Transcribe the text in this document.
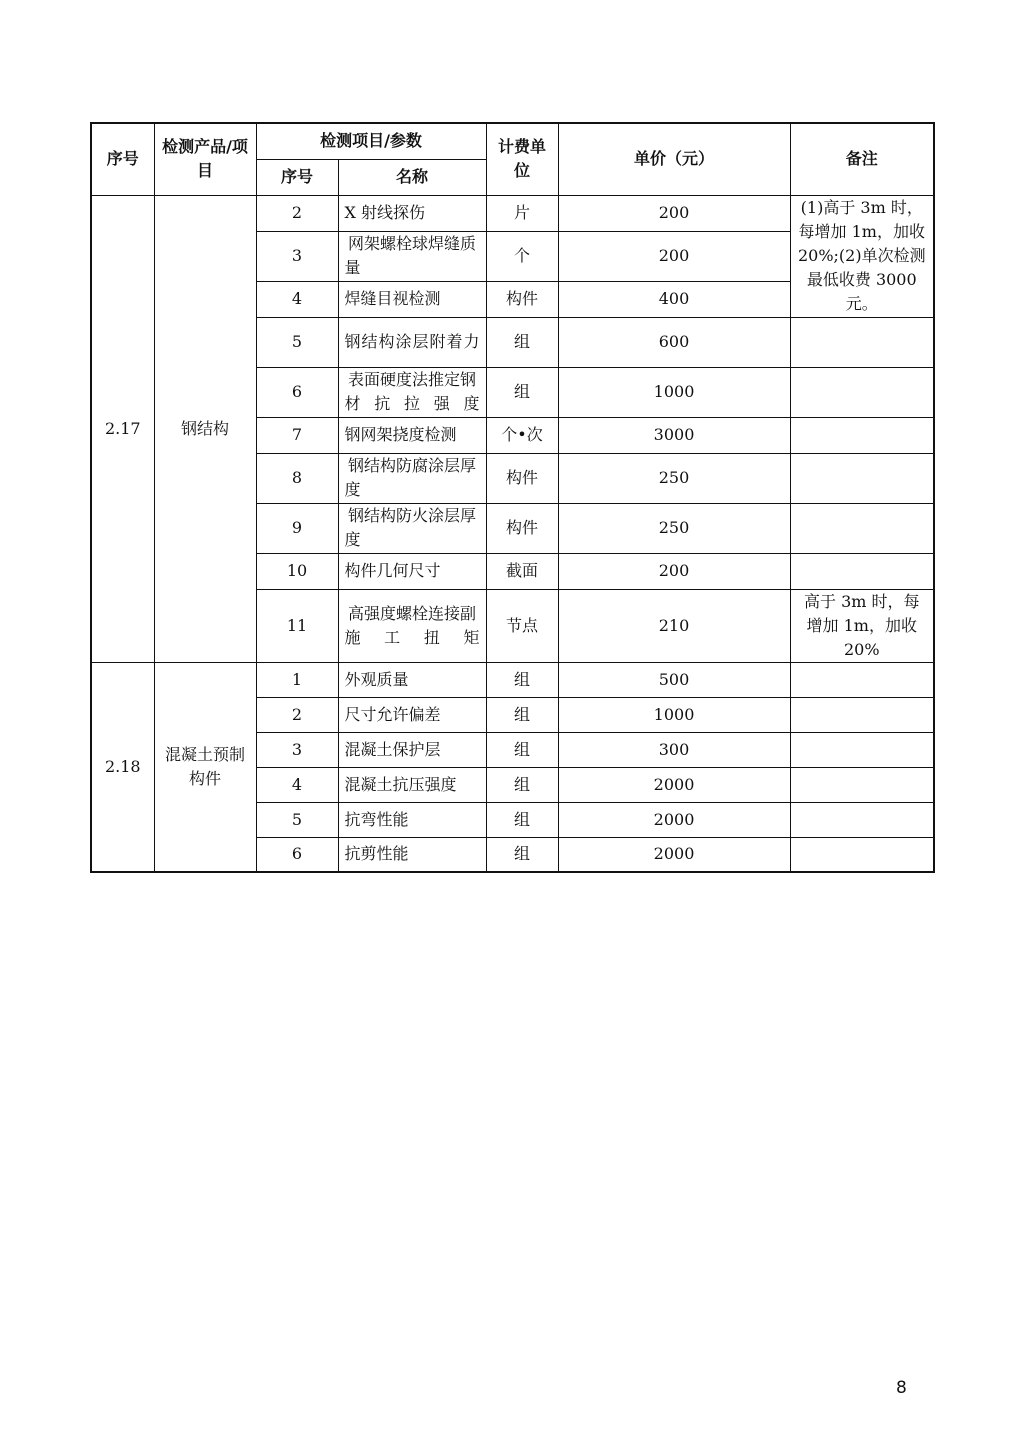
序号	检测产品/项目	检测项目/参数		计费单位	单价（元）	备注
		序号	名称			
2.17	钢结构	2	X 射线探伤	片	200	(1)高于 3m 时，每增加 1m，加收 20%;(2)单次检测最低收费 3000 元。
		3	网架螺栓球焊缝质量	个	200	
		4	焊缝目视检测	构件	400	
		5	钢结构涂层附着力	组	600	
		6	表面硬度法推定钢材抗拉强度	组	1000	
		7	钢网架挠度检测	个•次	3000	
		8	钢结构防腐涂层厚度	构件	250	
		9	钢结构防火涂层厚度	构件	250	
		10	构件几何尺寸	截面	200	
		11	高强度螺栓连接副施工扭矩	节点	210	高于 3m 时，每增加 1m，加收 20%
2.18	混凝土预制构件	1	外观质量	组	500	
		2	尺寸允许偏差	组	1000	
		3	混凝土保护层	组	300	
		4	混凝土抗压强度	组	2000	
		5	抗弯性能	组	2000	
		6	抗剪性能	组	2000	
8
